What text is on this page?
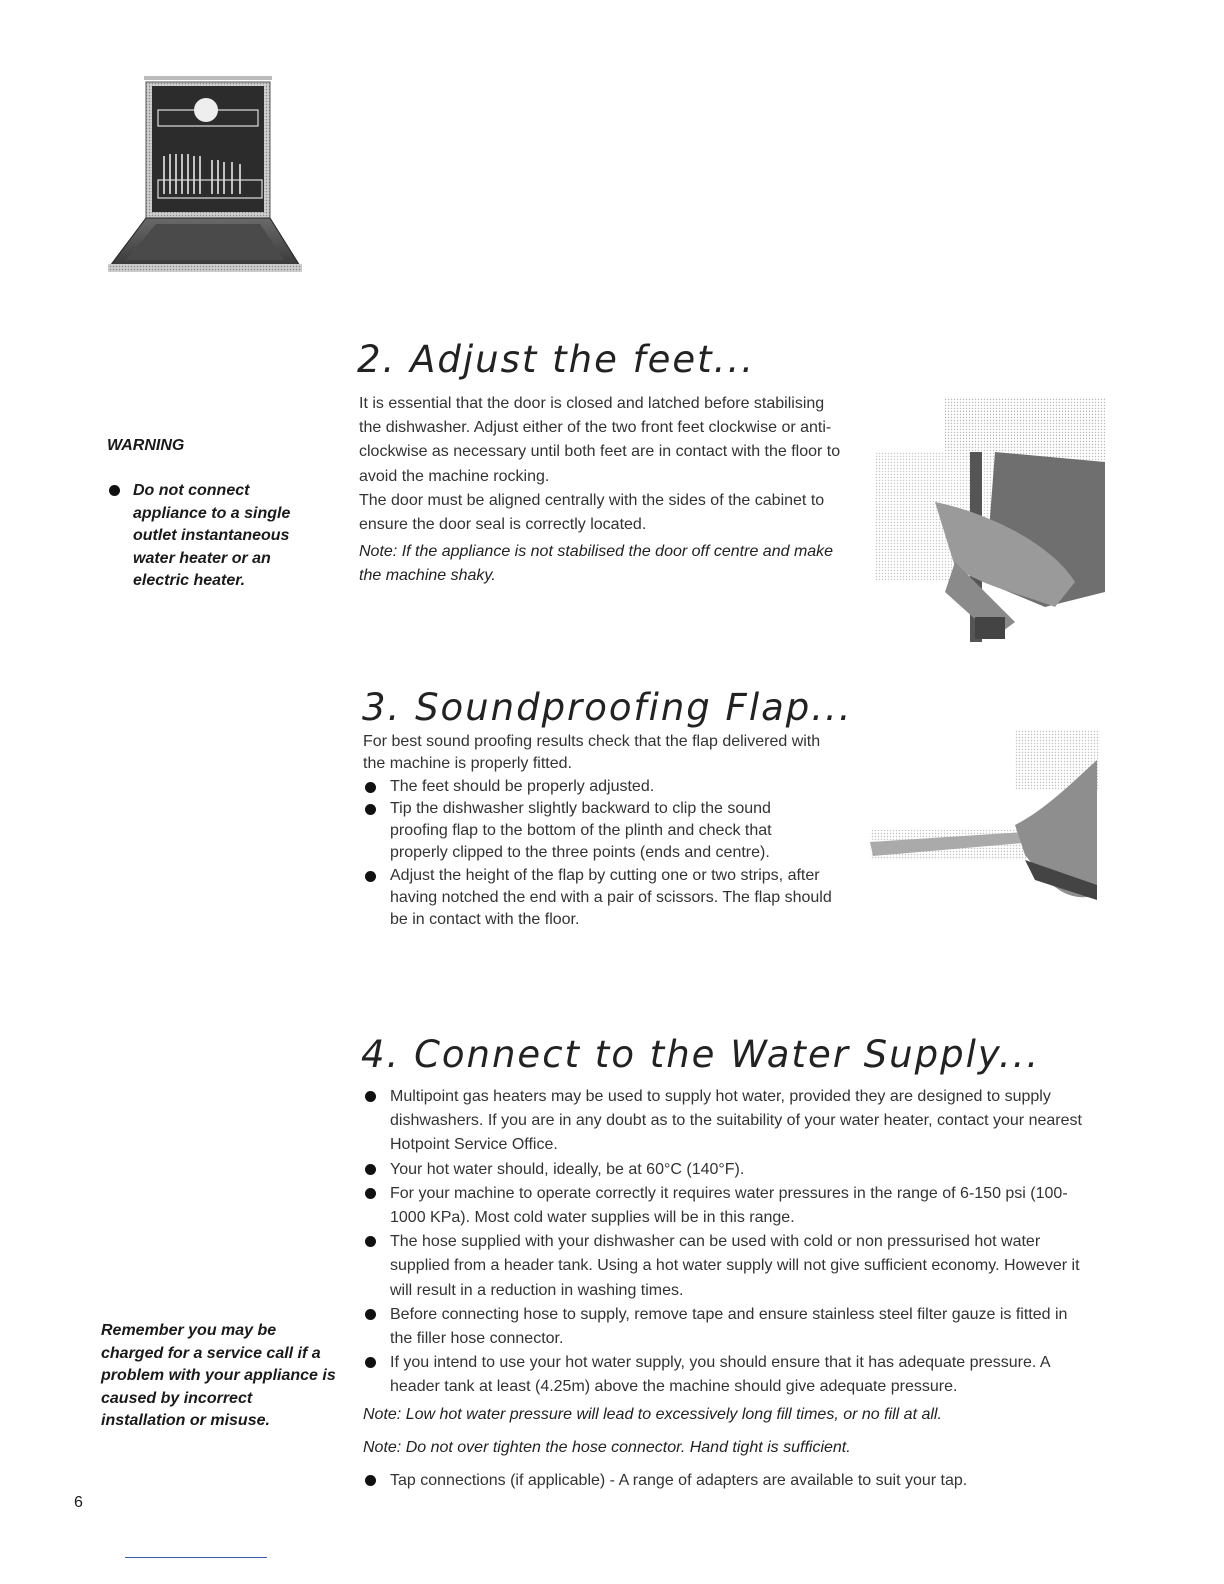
WARNING
Do not connect appliance to a single outlet instantaneous water heater or an electric heater.
Remember you may be charged for a service call if a problem with your appliance is caused by incorrect installation or misuse.
6
2. Adjust the feet...
It is essential that the door is closed and latched before stabilising the dishwasher. Adjust either of the two front feet clockwise or anti-clockwise as necessary until both feet are in contact with the floor to avoid the machine rocking.
The door must be aligned centrally with the sides of the cabinet to ensure the door seal is correctly located.
Note: If the appliance is not stabilised the door off centre and make the machine shaky.
3. Soundproofing Flap...
For best sound proofing results check that the flap delivered with the machine is properly fitted.
The feet should be properly adjusted.
Tip the dishwasher slightly backward to clip the sound proofing flap to the bottom of the plinth and check that properly clipped to the three points (ends and centre).
Adjust the height of the flap by cutting one or two strips, after having notched the end with a pair of scissors. The flap should be in contact with the floor.
4. Connect to the Water Supply...
Multipoint gas heaters may be used to supply hot water, provided they are designed to supply dishwashers. If you are in any doubt as to the suitability of your water heater, contact your nearest Hotpoint Service Office.
Your hot water should, ideally, be at 60°C (140°F).
For your machine to operate correctly it requires water pressures in the range of 6-150 psi (100-1000 KPa). Most cold water supplies will be in this range.
The hose supplied with your dishwasher can be used with cold or non pressurised hot water supplied from a header tank. Using a hot water supply will not give sufficient economy. However it will result in a reduction in washing times.
Before connecting hose to supply, remove tape and ensure stainless steel filter gauze is fitted in the filler hose connector.
If you intend to use your hot water supply, you should ensure that it has adequate pressure. A header tank at least (4.25m) above the machine should give adequate pressure.
Note: Low hot water pressure will lead to excessively long fill times, or no fill at all.
Note: Do not over tighten the hose connector. Hand tight is sufficient.
Tap connections (if applicable) - A range of adapters are available to suit your tap.
